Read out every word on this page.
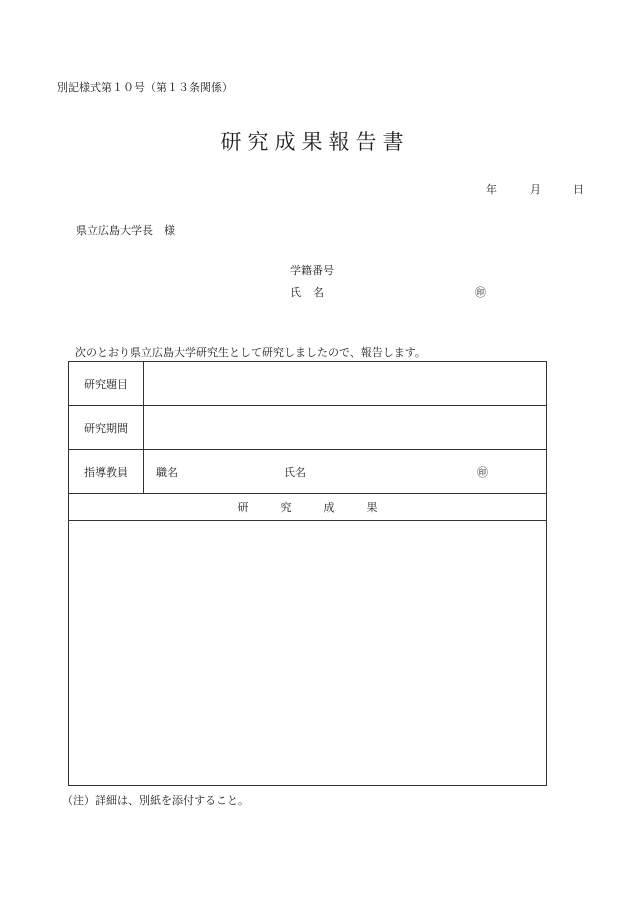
別記様式第１０号（第１３条関係）
研究成果報告書
年	月	日
県立広島大学長　様
学籍番号
氏名	㊞
次のとおり県立広島大学研究生として研究しましたので、報告します。
研究題目
研究期間
指導教員	職名	氏名	㊞
研	究	成	果
（注）詳細は、別紙を添付すること。
